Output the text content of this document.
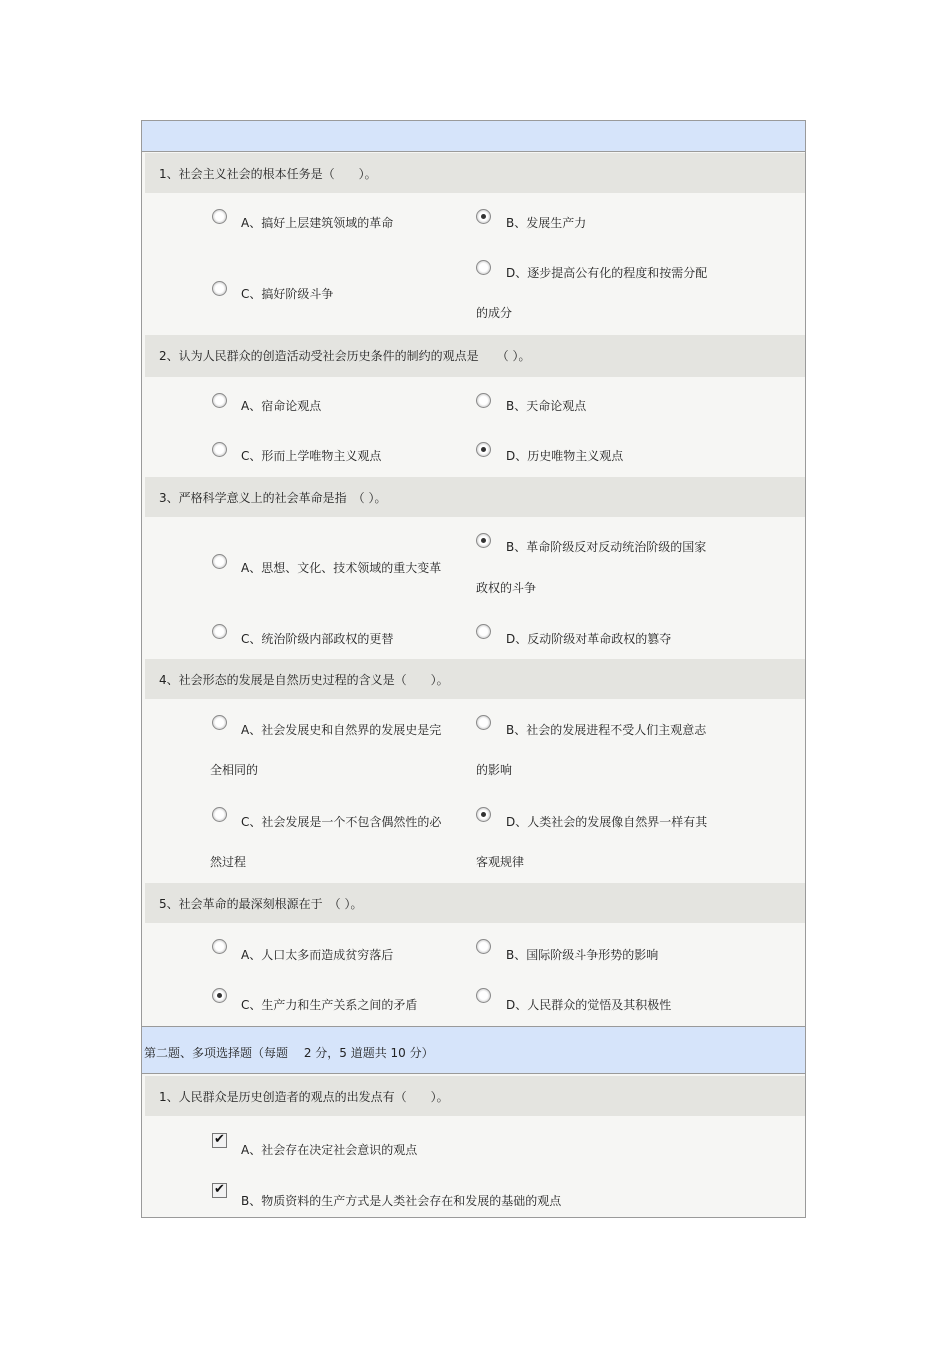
1、社会主义社会的根本任务是（　　）。
A、搞好上层建筑领域的革命	B、发展生产力
C、搞好阶级斗争
D、逐步提高公有化的程度和按需分配
的成分
2、认为人民群众的创造活动受社会历史条件的制约的观点是　　（ ）。
A、宿命论观点	B、天命论观点
C、形而上学唯物主义观点	D、历史唯物主义观点
3、严格科学意义上的社会革命是指　（ ）。
A、思想、文化、技术领域的重大变革
B、革命阶级反对反动统治阶级的国家
政权的斗争
C、统治阶级内部政权的更替	D、反动阶级对革命政权的篡夺
4、社会形态的发展是自然历史过程的含义是（　　）。
A、社会发展史和自然界的发展史是完
全相同的
B、社会的发展进程不受人们主观意志
的影响
C、社会发展是一个不包含偶然性的必
然过程
D、人类社会的发展像自然界一样有其
客观规律
5、社会革命的最深刻根源在于　（ ）。
A、人口太多而造成贫穷落后	B、国际阶级斗争形势的影响
C、生产力和生产关系之间的矛盾	D、人民群众的觉悟及其积极性
第二题、多项选择题（每题　 2 分，5 道题共 10 分）
1、人民群众是历史创造者的观点的出发点有（　　）。
✔
A、社会存在决定社会意识的观点
✔
B、物质资料的生产方式是人类社会存在和发展的基础的观点
